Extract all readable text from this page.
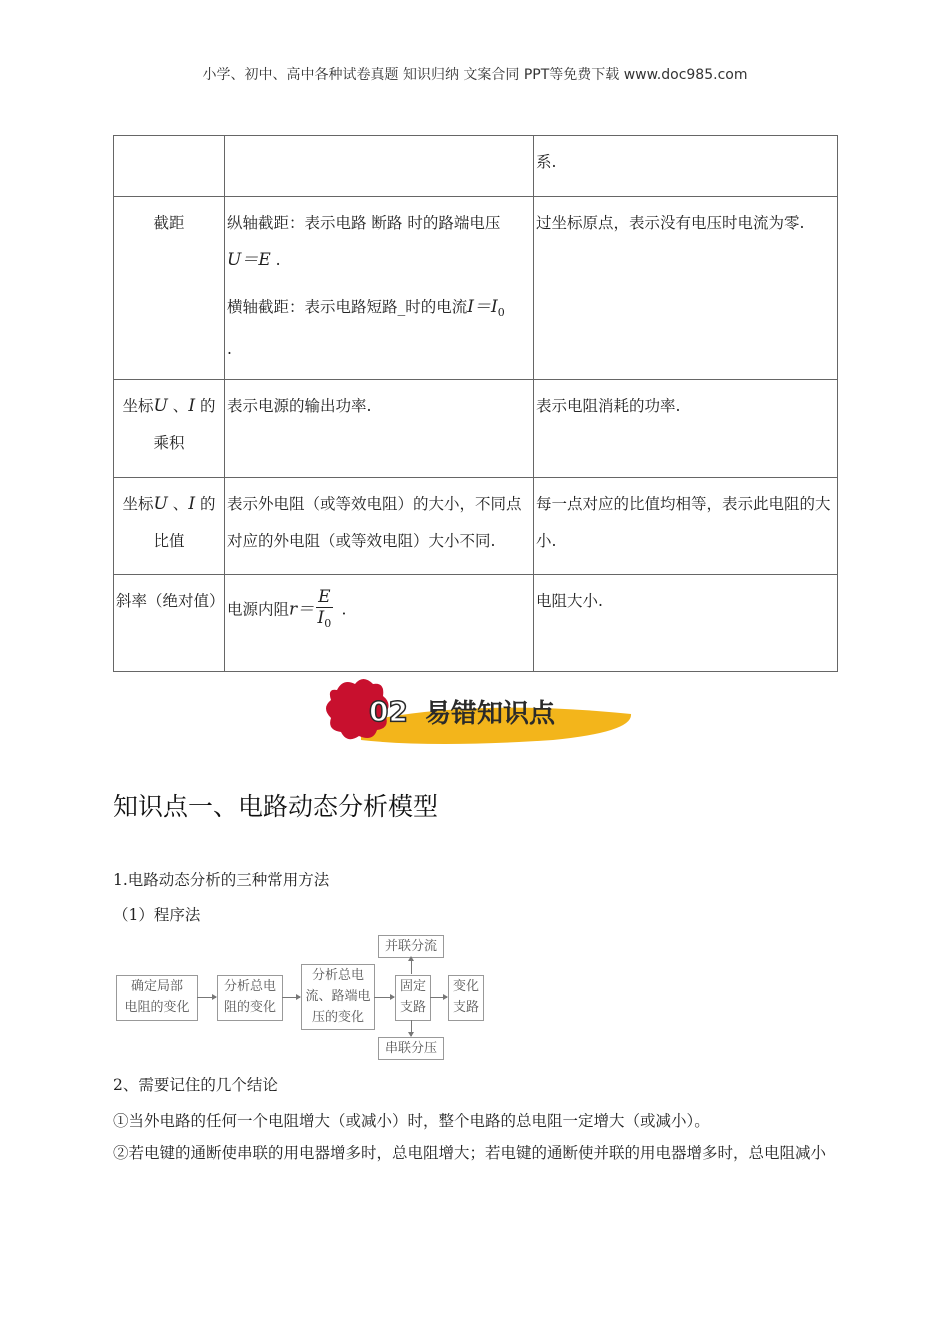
小学、初中、高中各种试卷真题 知识归纳 文案合同 PPT等免费下载 www.doc985.com
		系.
截距	纵轴截距：表示电路 断路 时的路端电压
U＝E .
横轴截距：表示电路短路_时的电流$I=I_0$
.	过坐标原点，表示没有电压时电流为零.
坐标U 、I 的乘积	表示电源的输出功率.	表示电阻消耗的功率.
坐标U 、I 的比值	表示外电阻（或等效电阻）的大小，不同点对应的外电阻（或等效电阻）大小不同.	每一点对应的比值均相等，表示此电阻的大小.
斜率（绝对值）	电源内阻$r= \frac{E}{I_0}$ .	电阻大小.
02 易错知识点
知识点一、电路动态分析模型
1.电路动态分析的三种常用方法
（1）程序法
确定局部
电阻的变化
分析总电
阻的变化
分析总电
流、路端电
压的变化
固定
支路
变化
支路
并联分流
串联分压
2、需要记住的几个结论
①当外电路的任何一个电阻增大（或减小）时，整个电路的总电阻一定增大（或减小）。
②若电键的通断使串联的用电器增多时，总电阻增大；若电键的通断使并联的用电器增多时，总电阻减小
